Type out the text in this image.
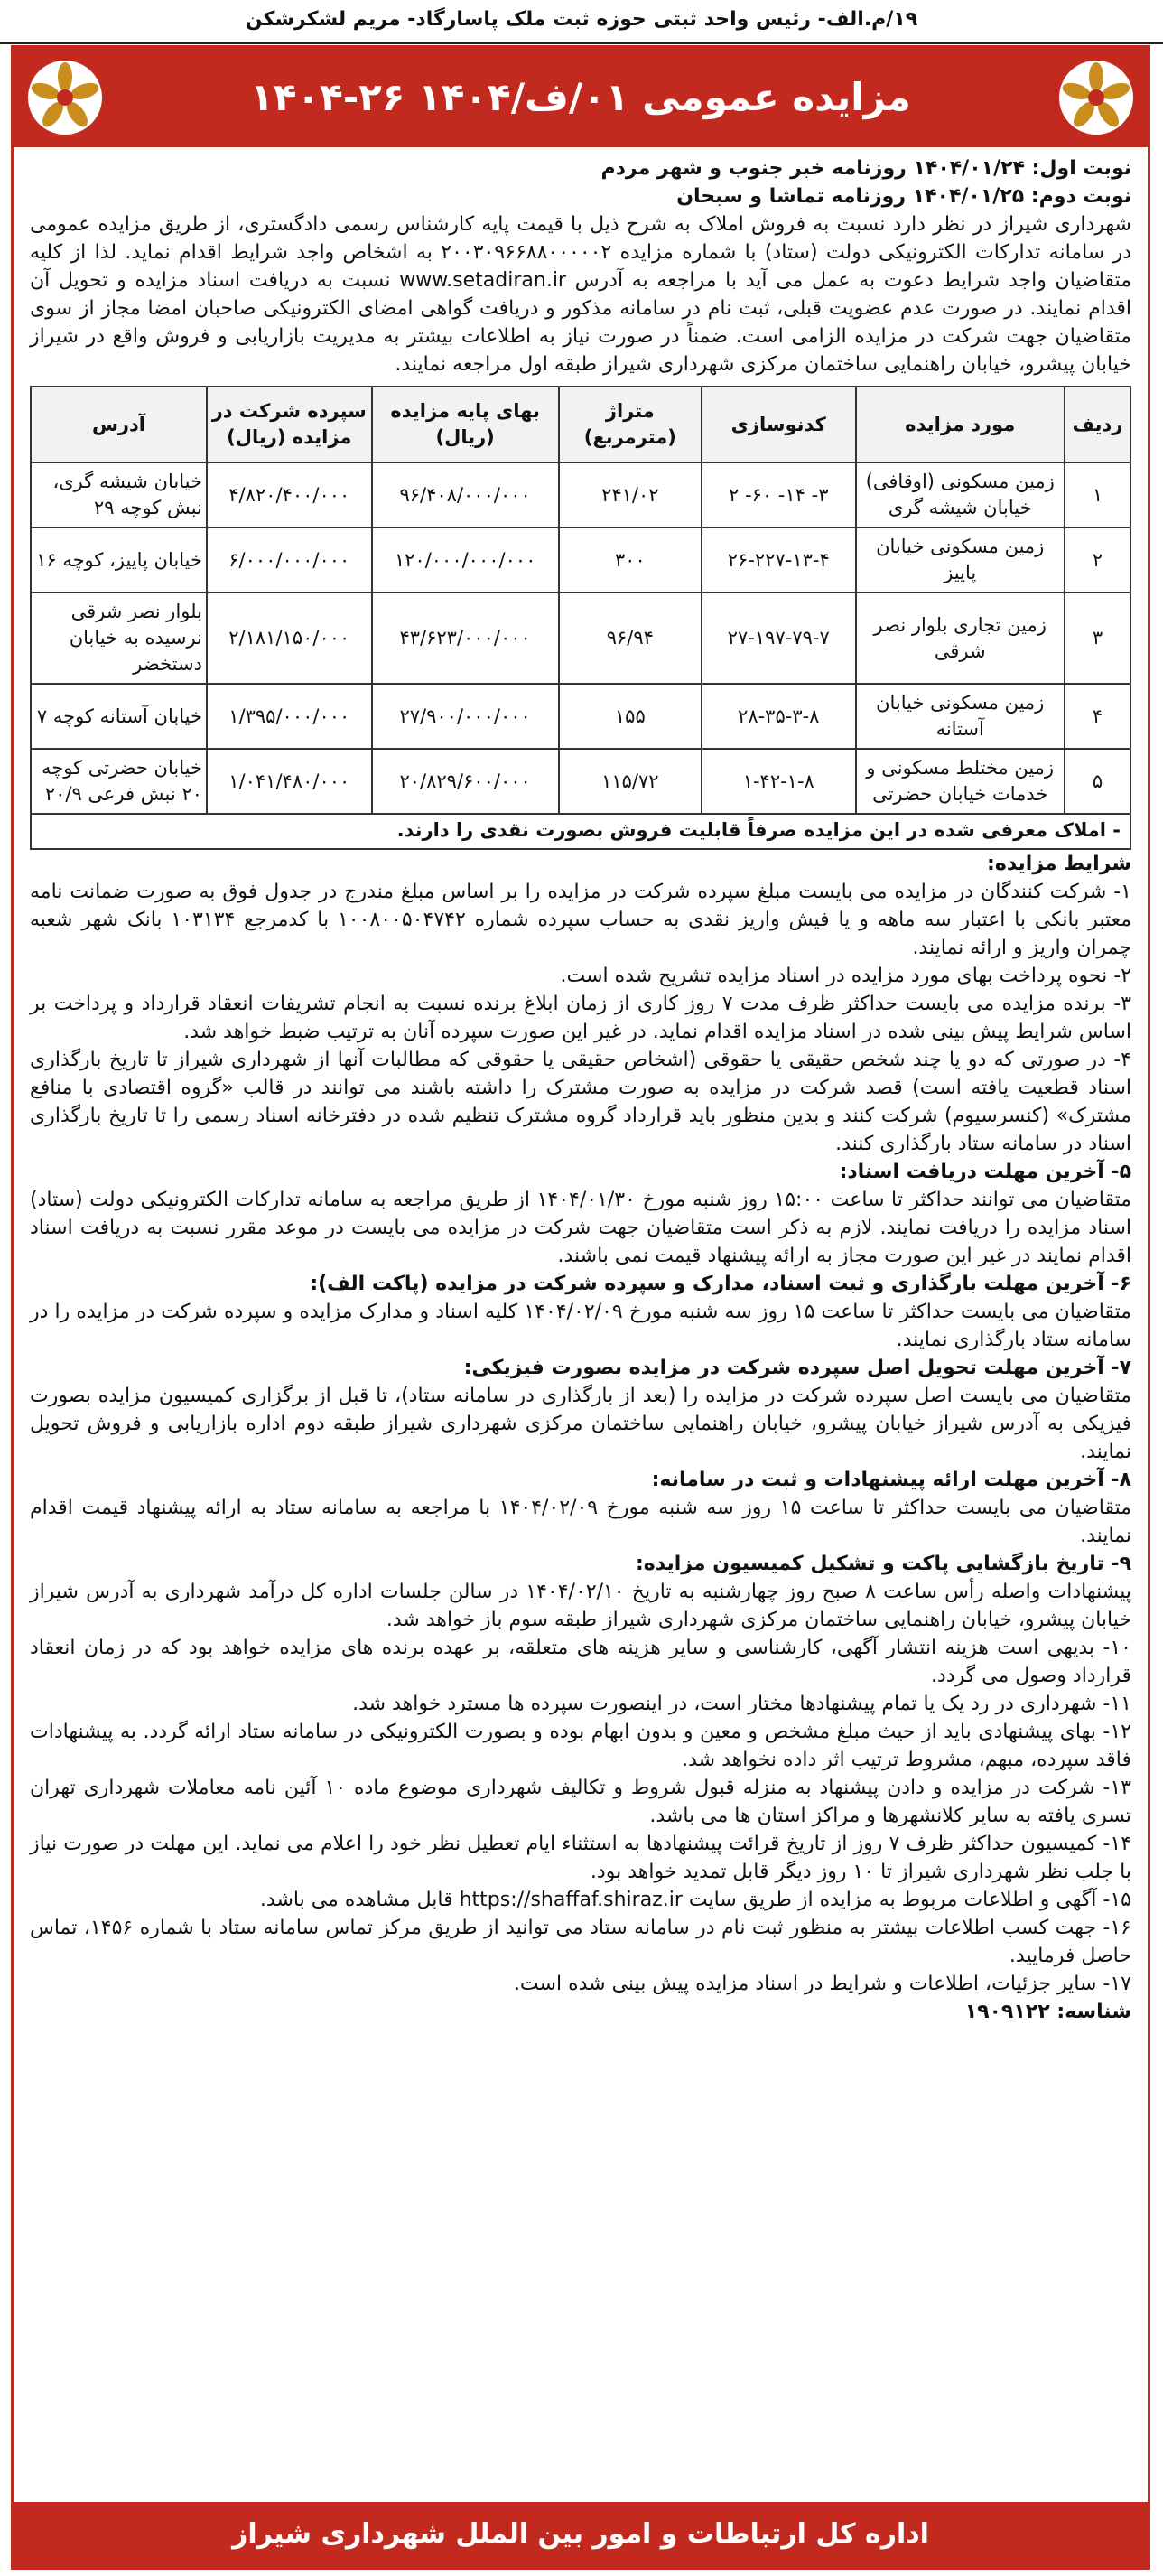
۱۹/م.الف- رئیس واحد ثبتی حوزه ثبت ملک پاسارگاد- مریم لشکرشکن
مزایده عمومی ۰۱/ف/۱۴۰۴ ۲۶-۱۴۰۴

نوبت اول: ۱۴۰۴/۰۱/۲۴ روزنامه خبر جنوب و شهر مردم

نوبت دوم: ۱۴۰۴/۰۱/۲۵ روزنامه تماشا و سبحان

شهرداری شیراز در نظر دارد نسبت به فروش املاک به شرح ذیل با قیمت پایه کارشناس رسمی دادگستری، از طریق مزایده عمومی در سامانه تدارکات الکترونیکی دولت (ستاد) با شماره مزایده ۲۰۰۳۰۹۶۶۸۸۰۰۰۰۰۲ به اشخاص واجد شرایط اقدام نماید. لذا از کلیه متقاضیان واجد شرایط دعوت به عمل می آید با مراجعه به آدرس www.setadiran.ir نسبت به دریافت اسناد مزایده و تحویل آن اقدام نمایند. در صورت عدم عضویت قبلی، ثبت نام در سامانه مذکور و دریافت گواهی امضای الکترونیکی صاحبان امضا مجاز از سوی متقاضیان جهت شرکت در مزایده الزامی است. ضمناً در صورت نیاز به اطلاعات بیشتر به مدیریت بازاریابی و فروش واقع در شیراز خیابان پیشرو، خیابان راهنمایی ساختمان مرکزی شهرداری شیراز طبقه اول مراجعه نمایند.

ردیف	مورد مزایده	کدنوسازی	متراژ (مترمربع)	بهای پایه مزایده (ریال)	سپرده شرکت در مزایده (ریال)	آدرس
۱	زمین مسکونی (اوقافی) خیابان شیشه گری	۳- ۱۴- ۶۰- ۲	۲۴۱/۰۲	۹۶/۴۰۸/۰۰۰/۰۰۰	۴/۸۲۰/۴۰۰/۰۰۰	خیابان شیشه گری، نبش کوچه ۲۹
۲	زمین مسکونی خیابان پاییز	۲۶-۲۲۷-۱۳-۴	۳۰۰	۱۲۰/۰۰۰/۰۰۰/۰۰۰	۶/۰۰۰/۰۰۰/۰۰۰	خیابان پاییز، کوچه ۱۶
۳	زمین تجاری بلوار نصر شرقی	۲۷-۱۹۷-۷۹-۷	۹۶/۹۴	۴۳/۶۲۳/۰۰۰/۰۰۰	۲/۱۸۱/۱۵۰/۰۰۰	بلوار نصر شرقی نرسیده به خیابان دستخضر
۴	زمین مسکونی خیابان آستانه	۲۸-۳۵-۳-۸	۱۵۵	۲۷/۹۰۰/۰۰۰/۰۰۰	۱/۳۹۵/۰۰۰/۰۰۰	خیابان آستانه کوچه ۷
۵	زمین مختلط مسکونی و خدمات خیابان حضرتی	۱-۴۲-۱-۸	۱۱۵/۷۲	۲۰/۸۲۹/۶۰۰/۰۰۰	۱/۰۴۱/۴۸۰/۰۰۰	خیابان حضرتی کوچه ۲۰ نبش فرعی ۲۰/۹
- املاک معرفی شده در این مزایده صرفاً قابلیت فروش بصورت نقدی را دارند.

شرایط مزایده:

۱- شرکت کنندگان در مزایده می بایست مبلغ سپرده شرکت در مزایده را بر اساس مبلغ مندرج در جدول فوق به صورت ضمانت نامه معتبر بانکی با اعتبار سه ماهه و یا فیش واریز نقدی به حساب سپرده شماره ۱۰۰۸۰۰۵۰۴۷۴۲ با کدمرجع ۱۰۳۱۳۴ بانک شهر شعبه چمران واریز و ارائه نمایند.

۲- نحوه پرداخت بهای مورد مزایده در اسناد مزایده تشریح شده است.

۳- برنده مزایده می بایست حداکثر ظرف مدت ۷ روز کاری از زمان ابلاغ برنده نسبت به انجام تشریفات انعقاد قرارداد و پرداخت بر اساس شرایط پیش بینی شده در اسناد مزایده اقدام نماید. در غیر این صورت سپرده آنان به ترتیب ضبط خواهد شد.

۴- در صورتی که دو یا چند شخص حقیقی یا حقوقی (اشخاص حقیقی یا حقوقی که مطالبات آنها از شهرداری شیراز تا تاریخ بارگذاری اسناد قطعیت یافته است) قصد شرکت در مزایده به صورت مشترک را داشته باشند می توانند در قالب «گروه اقتصادی با منافع مشترک» (کنسرسیوم) شرکت کنند و بدین منظور باید قرارداد گروه مشترک تنظیم شده در دفترخانه اسناد رسمی را تا تاریخ بارگذاری اسناد در سامانه ستاد بارگذاری کنند.

۵- آخرین مهلت دریافت اسناد:

متقاضیان می توانند حداکثر تا ساعت ۱۵:۰۰ روز شنبه مورخ ۱۴۰۴/۰۱/۳۰ از طریق مراجعه به سامانه تدارکات الکترونیکی دولت (ستاد) اسناد مزایده را دریافت نمایند. لازم به ذکر است متقاضیان جهت شرکت در مزایده می بایست در موعد مقرر نسبت به دریافت اسناد اقدام نمایند در غیر این صورت مجاز به ارائه پیشنهاد قیمت نمی باشند.

۶- آخرین مهلت بارگذاری و ثبت اسناد، مدارک و سپرده شرکت در مزایده (پاکت الف):

متقاضیان می بایست حداکثر تا ساعت ۱۵ روز سه شنبه مورخ ۱۴۰۴/۰۲/۰۹ کلیه اسناد و مدارک مزایده و سپرده شرکت در مزایده را در سامانه ستاد بارگذاری نمایند.

۷- آخرین مهلت تحویل اصل سپرده شرکت در مزایده بصورت فیزیکی:

متقاضیان می بایست اصل سپرده شرکت در مزایده را (بعد از بارگذاری در سامانه ستاد)، تا قبل از برگزاری کمیسیون مزایده بصورت فیزیکی به آدرس شیراز خیابان پیشرو، خیابان راهنمایی ساختمان مرکزی شهرداری شیراز طبقه دوم اداره بازاریابی و فروش تحویل نمایند.

۸- آخرین مهلت ارائه پیشنهادات و ثبت در سامانه:

متقاضیان می بایست حداکثر تا ساعت ۱۵ روز سه شنبه مورخ ۱۴۰۴/۰۲/۰۹ با مراجعه به سامانه ستاد به ارائه پیشنهاد قیمت اقدام نمایند.

۹- تاریخ بازگشایی پاکت و تشکیل کمیسیون مزایده:

پیشنهادات واصله رأس ساعت ۸ صبح روز چهارشنبه به تاریخ ۱۴۰۴/۰۲/۱۰ در سالن جلسات اداره کل درآمد شهرداری به آدرس شیراز خیابان پیشرو، خیابان راهنمایی ساختمان مرکزی شهرداری شیراز طبقه سوم باز خواهد شد.

۱۰- بدیهی است هزینه انتشار آگهی، کارشناسی و سایر هزینه های متعلقه، بر عهده برنده های مزایده خواهد بود که در زمان انعقاد قرارداد وصول می گردد.

۱۱- شهرداری در رد یک یا تمام پیشنهادها مختار است، در اینصورت سپرده ها مسترد خواهد شد.

۱۲- بهای پیشنهادی باید از حیث مبلغ مشخص و معین و بدون ابهام بوده و بصورت الکترونیکی در سامانه ستاد ارائه گردد. به پیشنهادات فاقد سپرده، مبهم، مشروط ترتیب اثر داده نخواهد شد.

۱۳- شرکت در مزایده و دادن پیشنهاد به منزله قبول شروط و تکالیف شهرداری موضوع ماده ۱۰ آئین نامه معاملات شهرداری تهران تسری یافته به سایر کلانشهرها و مراکز استان ها می باشد.

۱۴- کمیسیون حداکثر ظرف ۷ روز از تاریخ قرائت پیشنهادها به استثناء ایام تعطیل نظر خود را اعلام می نماید. این مهلت در صورت نیاز با جلب نظر شهرداری شیراز تا ۱۰ روز دیگر قابل تمدید خواهد بود.

۱۵- آگهی و اطلاعات مربوط به مزایده از طریق سایت https://shaffaf.shiraz.ir قابل مشاهده می باشد.

۱۶- جهت کسب اطلاعات بیشتر به منظور ثبت نام در سامانه ستاد می توانید از طریق مرکز تماس سامانه ستاد با شماره ۱۴۵۶، تماس حاصل فرمایید.

۱۷- سایر جزئیات، اطلاعات و شرایط در اسناد مزایده پیش بینی شده است.

شناسه: ۱۹۰۹۱۲۲

اداره کل ارتباطات و امور بین الملل شهرداری شیراز
